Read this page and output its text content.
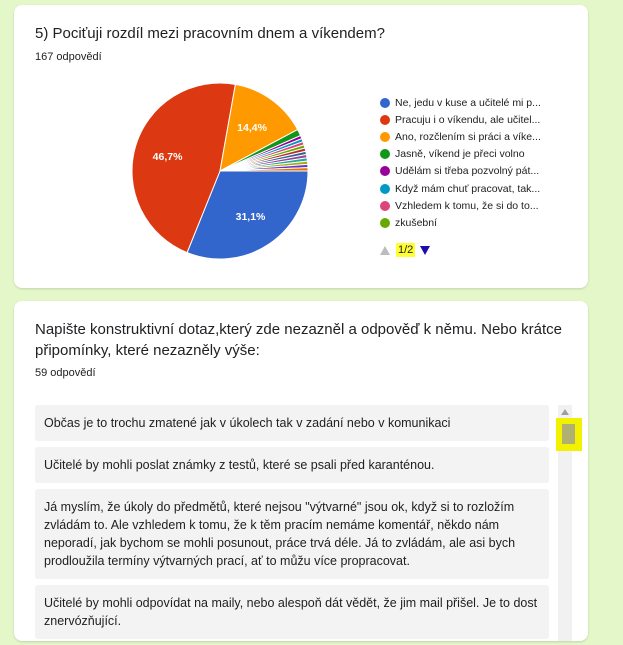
5) Pociťuji rozdíl mezi pracovním dnem a víkendem?
167 odpovědí
31,1%
46,7%
14,4%
Ne, jedu v kuse a učitelé mi p...
Pracuju i o víkendu, ale učitel...
Ano, rozčlením si práci a víke...
Jasně, víkend je přeci volno
Udělám si třeba pozvolný pát...
Když mám chuť pracovat, tak...
Vzhledem k tomu, že si do to...
zkušební
1/2
Napište konstruktivní dotaz,který zde nezazněl a odpověď k němu. Nebo krátce připomínky, které nezazněly výše:
59 odpovědí
Občas je to trochu zmatené jak v úkolech tak v zadání nebo v komunikaci
Učitelé by mohli poslat známky z testů, které se psali před karanténou.
Já myslím, že úkoly do předmětů, které nejsou "výtvarné" jsou ok, když si to rozložím zvládám to. Ale vzhledem k tomu, že k těm pracím nemáme komentář, někdo nám neporadí, jak bychom se mohli posunout, práce trvá déle. Já to zvládám, ale asi bych prodloužila termíny výtvarných prací, ať to můžu více propracovat.
Učitelé by mohli odpovídat na maily, nebo alespoň dát vědět, že jim mail přišel. Je to dost znervózňující.
